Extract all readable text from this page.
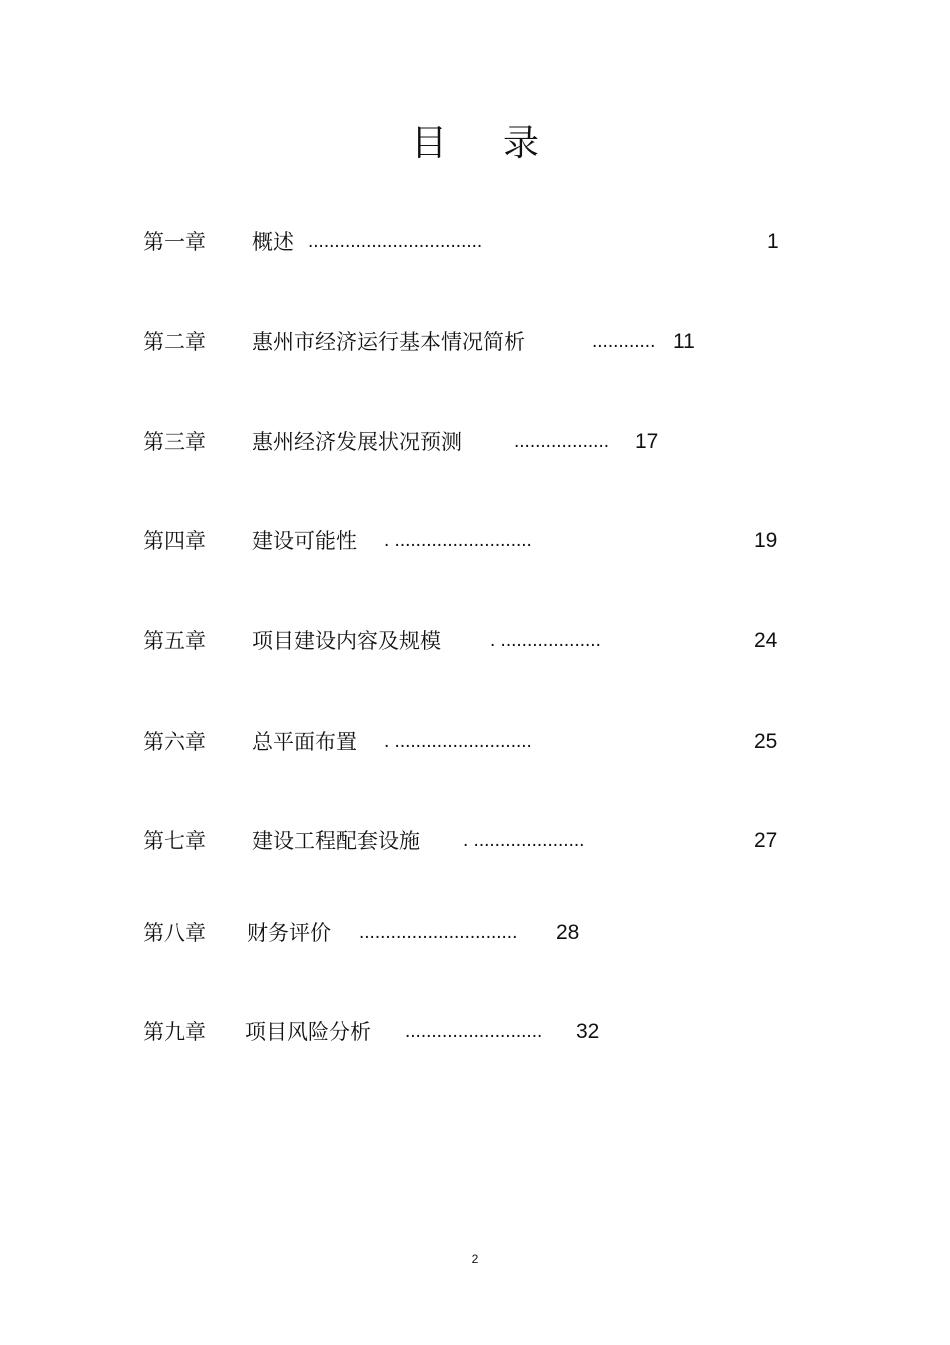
目 录
第一章 概述 .................................	1
第二章 惠州市经济运行基本情况简析	............ 11
第三章 惠州经济发展状况预测	.................. 17
第四章 建设可能性 . ..........................	19
第五章 项目建设内容及规模	. ...................	24
第六章 总平面布置 . ..........................	25
第七章 建设工程配套设施 . .....................	27
第八章 财务评价 .............................. 28
第九章 项目风险分析 .......................... 32
2
